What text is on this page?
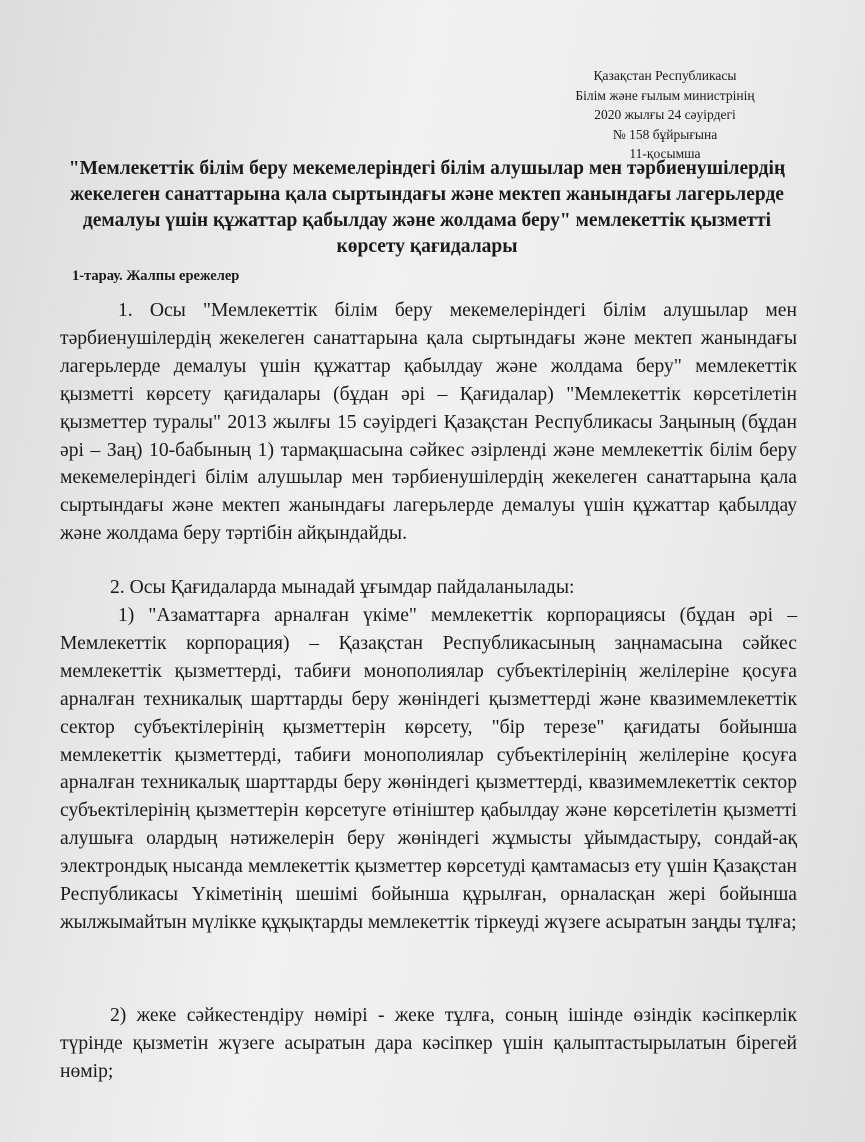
Қазақстан Республикасы
Білім және ғылым министрінің
2020 жылғы 24 сәуірдегі
№ 158 бұйрығына
11-қосымша
"Мемлекеттік білім беру мекемелеріндегі білім алушылар мен тәрбиенушілердің жекелеген санаттарына қала сыртындағы және мектеп жанындағы лагерьлерде демалуы үшін құжаттар қабылдау және жолдама беру" мемлекеттік қызметті көрсету қағидалары
1-тарау. Жалпы ережелер
1. Осы "Мемлекеттік білім беру мекемелеріндегі білім алушылар мен тәрбиенушілердің жекелеген санаттарына қала сыртындағы және мектеп жанындағы лагерьлерде демалуы үшін құжаттар қабылдау және жолдама беру" мемлекеттік қызметті көрсету қағидалары (бұдан әрі – Қағидалар) "Мемлекеттік көрсетілетін қызметтер туралы" 2013 жылғы 15 сәуірдегі Қазақстан Республикасы Заңының (бұдан әрі – Заң) 10-бабының 1) тармақшасына сәйкес әзірленді және мемлекеттік білім беру мекемелеріндегі білім алушылар мен тәрбиенушілердің жекелеген санаттарына қала сыртындағы және мектеп жанындағы лагерьлерде демалуы үшін құжаттар қабылдау және жолдама беру тәртібін айқындайды.
2. Осы Қағидаларда мынадай ұғымдар пайдаланылады:
1) "Азаматтарға арналған үкіме" мемлекеттік корпорациясы (бұдан әрі – Мемлекеттік корпорация) – Қазақстан Республикасының заңнамасына сәйкес мемлекеттік қызметтерді, табиғи монополиялар субъектілерінің желілеріне қосуға арналған техникалық шарттарды беру жөніндегі қызметтерді және квазимемлекеттік сектор субъектілерінің қызметтерін көрсету, "бір терезе" қағидаты бойынша мемлекеттік қызметтерді, табиғи монополиялар субъектілерінің желілеріне қосуға арналған техникалық шарттарды беру жөніндегі қызметтерді, квазимемлекеттік сектор субъектілерінің қызметтерін көрсетуге өтініштер қабылдау және көрсетілетін қызметті алушыға олардың нәтижелерін беру жөніндегі жұмысты ұйымдастыру, сондай-ақ электрондық нысанда мемлекеттік қызметтер көрсетуді қамтамасыз ету үшін Қазақстан Республикасы Үкіметінің шешімі бойынша құрылған, орналасқан жері бойынша жылжымайтын мүлікке құқықтарды мемлекеттік тіркеуді жүзеге асыратын заңды тұлға;
2) жеке сәйкестендіру нөмірі - жеке тұлға, соның ішінде өзіндік кәсіпкерлік түрінде қызметін жүзеге асыратын дара кәсіпкер үшін қалыптастырылатын бірегей нөмір;
